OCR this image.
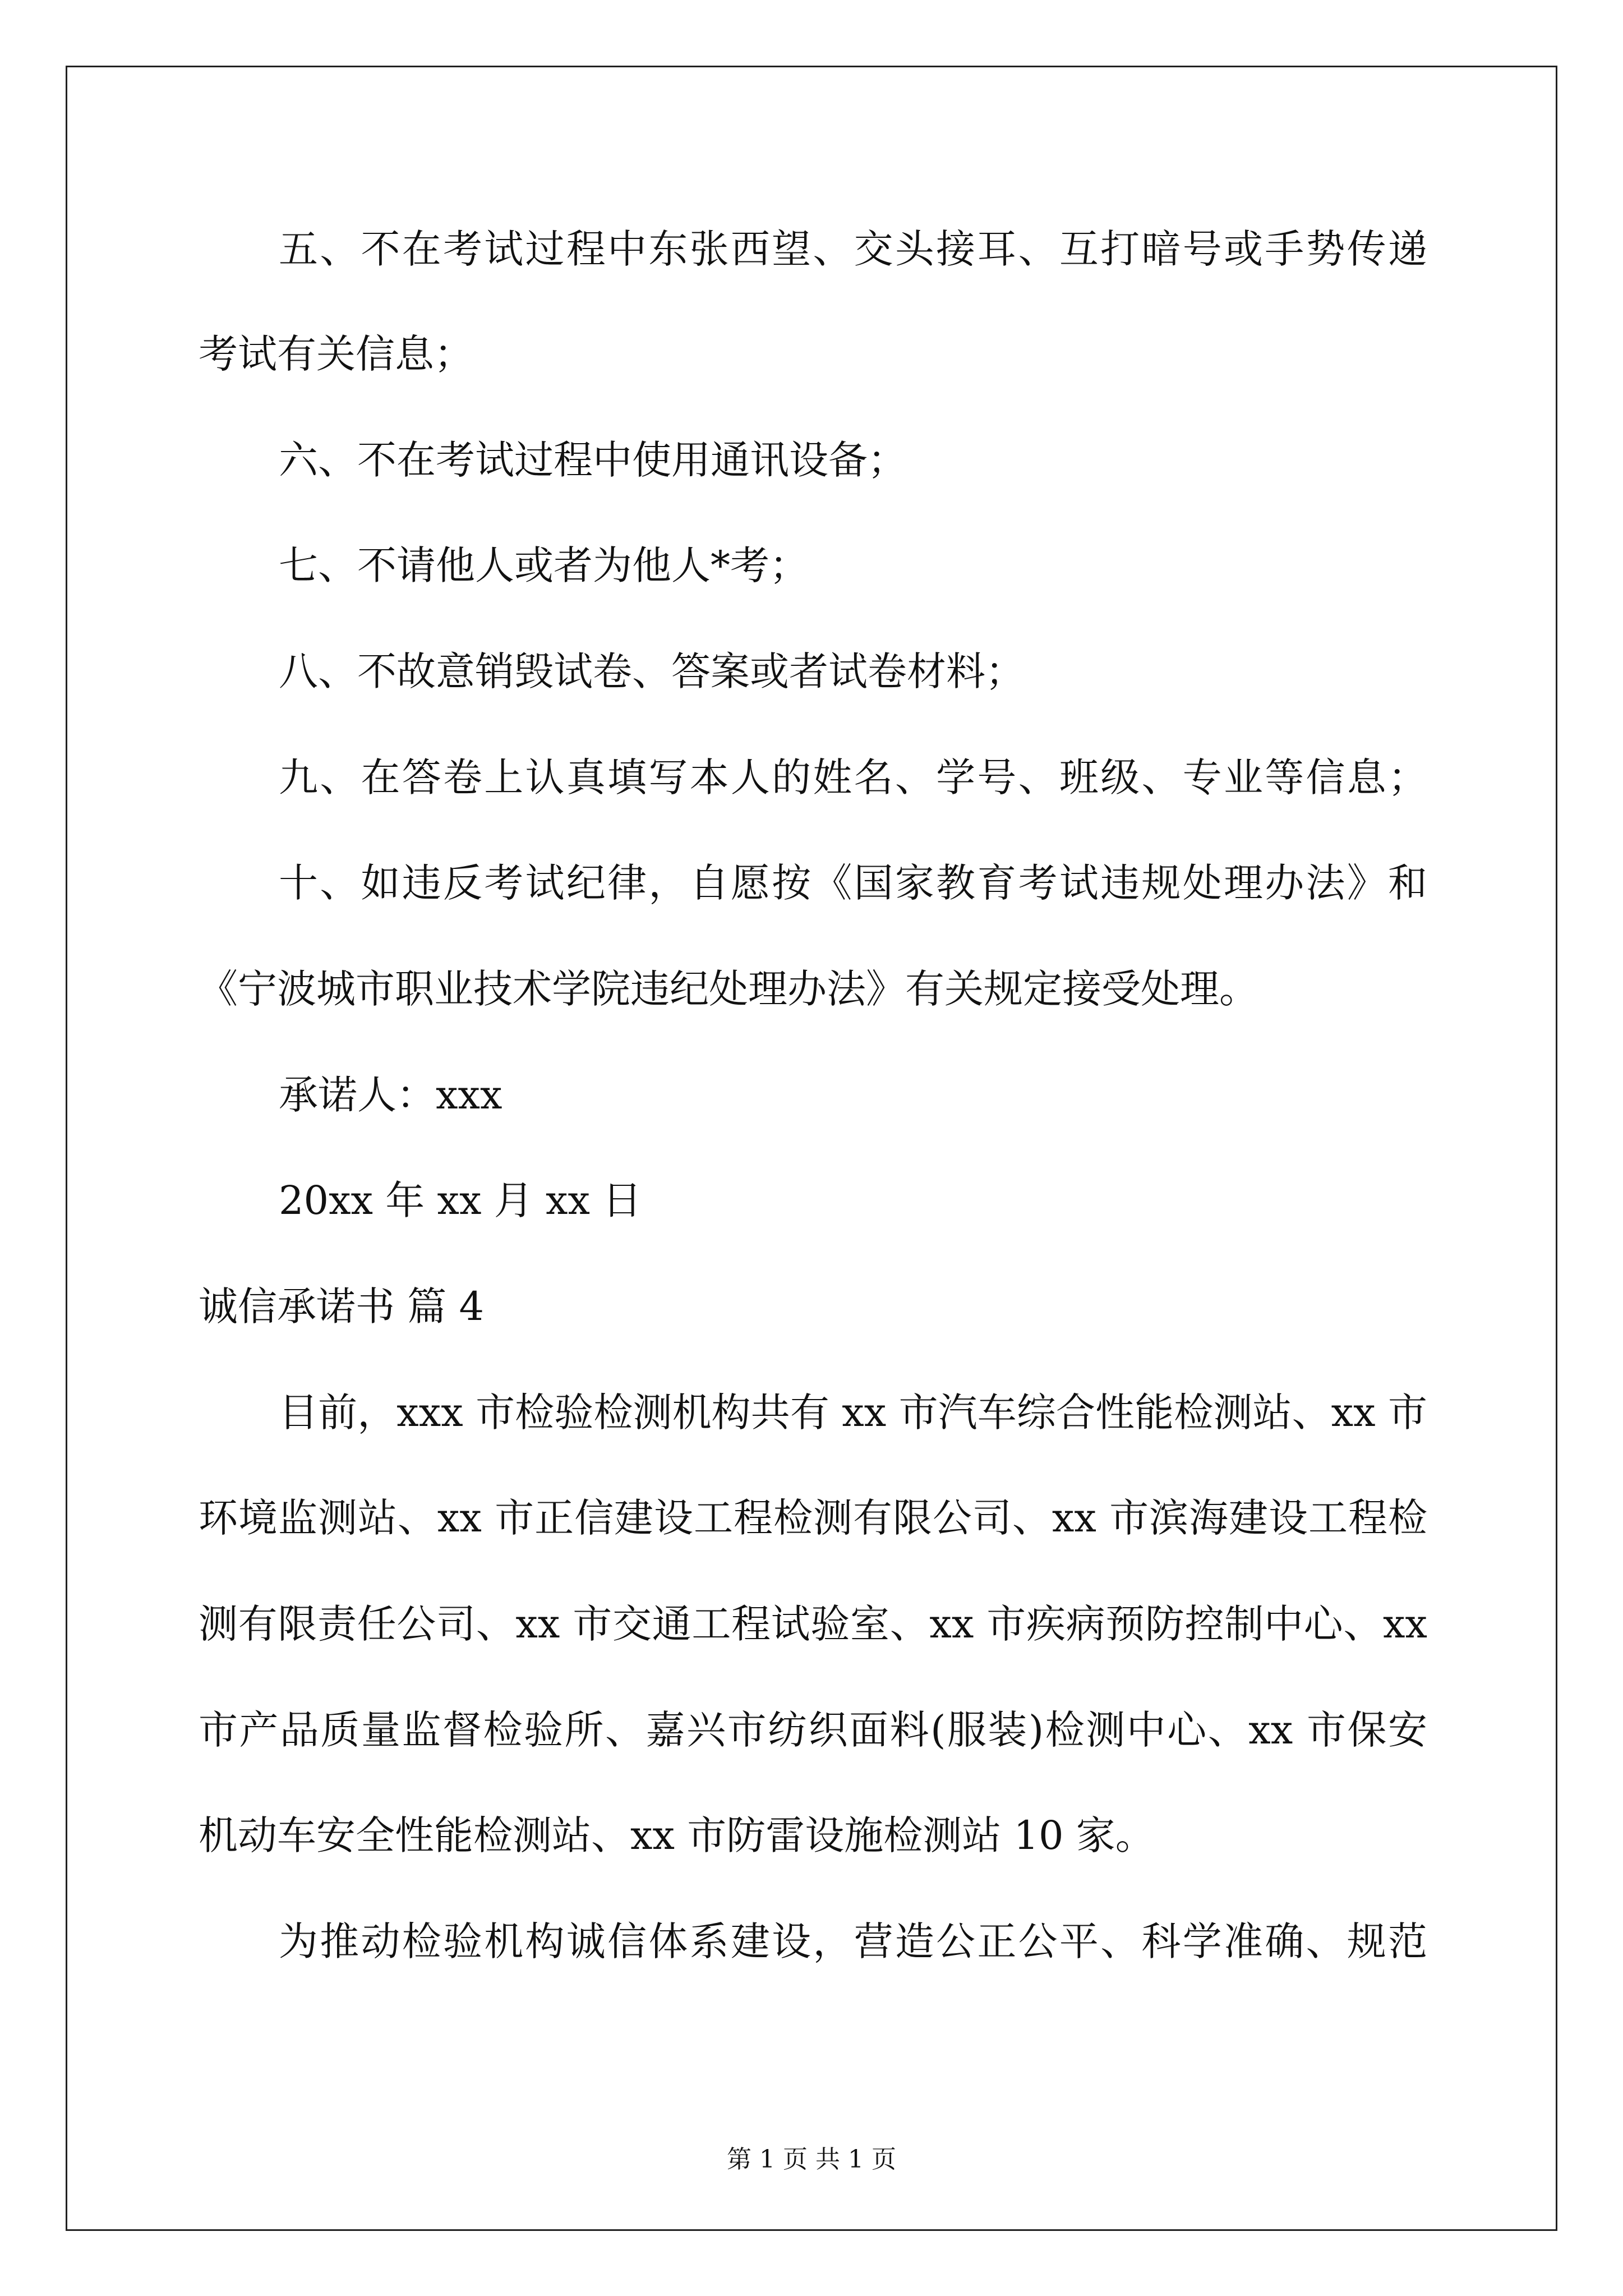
五、不在考试过程中东张西望、交头接耳、互打暗号或手势传递

考试有关信息；

六、不在考试过程中使用通讯设备；

七、不请他人或者为他人*考；

八、不故意销毁试卷、答案或者试卷材料；

九、在答卷上认真填写本人的姓名、学号、班级、专业等信息；

十、如违反考试纪律，自愿按《国家教育考试违规处理办法》和

《宁波城市职业技术学院违纪处理办法》有关规定接受处理。

承诺人：xxx

20xx 年 xx 月 xx 日

诚信承诺书 篇 4

目前，xxx 市检验检测机构共有 xx 市汽车综合性能检测站、xx 市

环境监测站、xx 市正信建设工程检测有限公司、xx 市滨海建设工程检

测有限责任公司、xx 市交通工程试验室、xx 市疾病预防控制中心、xx

市产品质量监督检验所、嘉兴市纺织面料(服装)检测中心、xx 市保安

机动车安全性能检测站、xx 市防雷设施检测站 10 家。

为推动检验机构诚信体系建设，营造公正公平、科学准确、规范

第 1 页 共 1 页
